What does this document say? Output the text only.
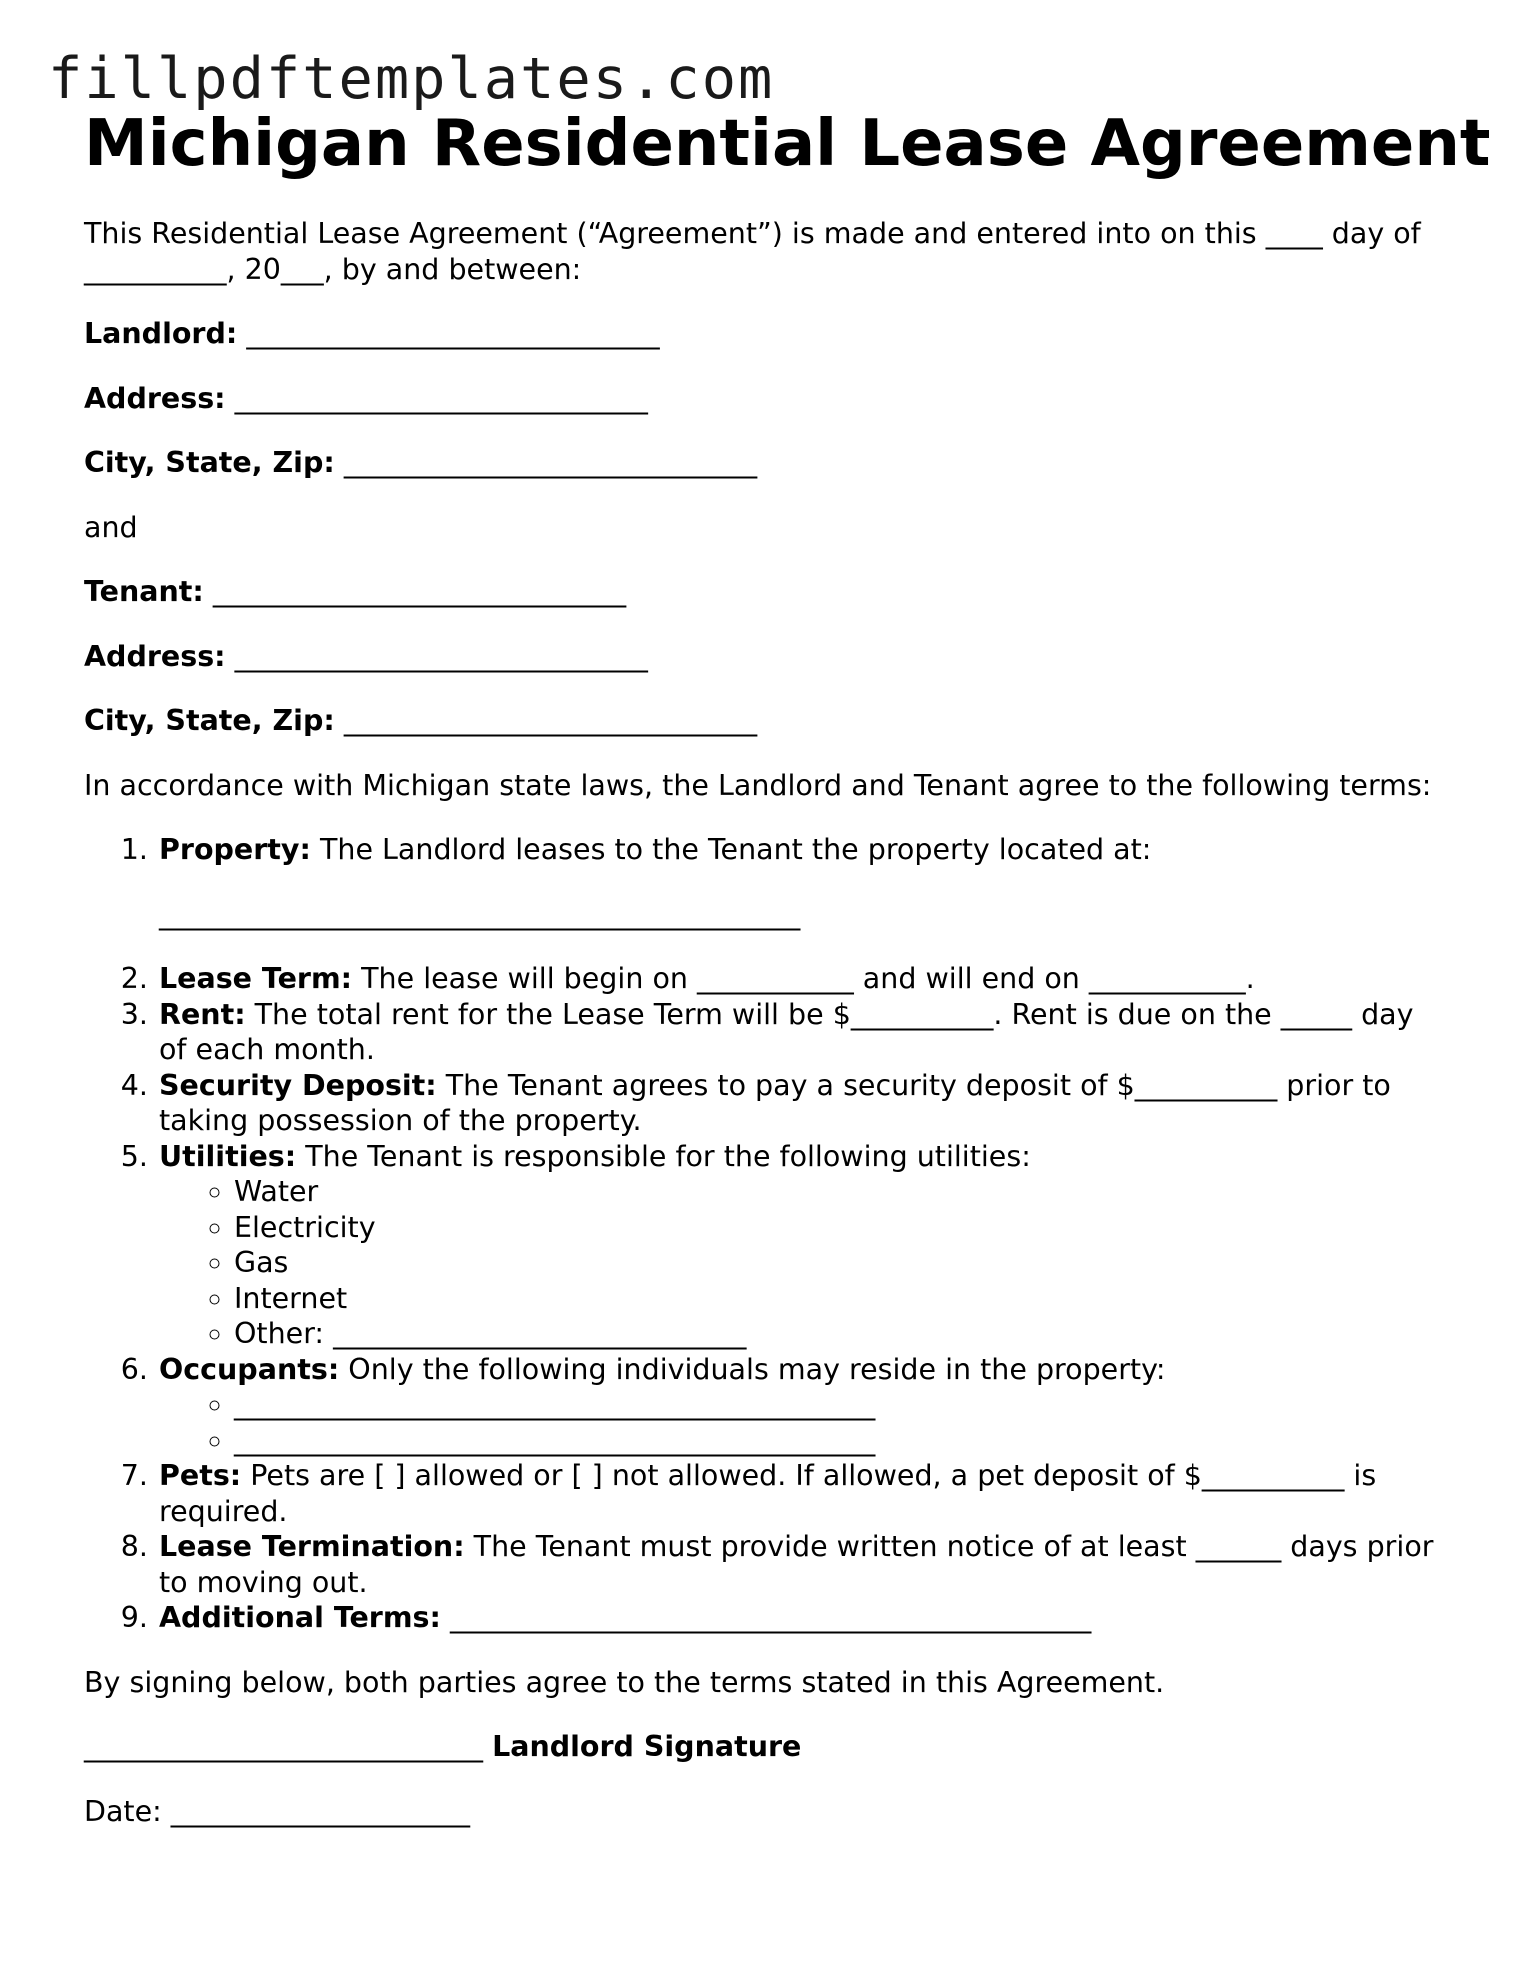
fillpdftemplates.com
Michigan Residential Lease Agreement

This Residential Lease Agreement (“Agreement”) is made and entered into on this ____ day of __________, 20___, by and between:

Landlord: _____________________________

Address: _____________________________

City, State, Zip: _____________________________

and

Tenant: _____________________________

Address: _____________________________

City, State, Zip: _____________________________

In accordance with Michigan state laws, the Landlord and Tenant agree to the following terms:

1. Property: The Landlord leases to the Tenant the property located at:
_____________________________________________
2. Lease Term: The lease will begin on ___________ and will end on ___________.
3. Rent: The total rent for the Lease Term will be $__________. Rent is due on the _____ day of each month.
4. Security Deposit: The Tenant agrees to pay a security deposit of $__________ prior to taking possession of the property.
5. Utilities: The Tenant is responsible for the following utilities:
◦ Water
◦ Electricity
◦ Gas
◦ Internet
◦ Other: _____________________________
6. Occupants: Only the following individuals may reside in the property:
◦ _____________________________________________
◦ _____________________________________________
7. Pets: Pets are [ ] allowed or [ ] not allowed. If allowed, a pet deposit of $__________ is required.
8. Lease Termination: The Tenant must provide written notice of at least ______ days prior to moving out.
9. Additional Terms: _____________________________________________

By signing below, both parties agree to the terms stated in this Agreement.

____________________________ Landlord Signature

Date: _____________________
